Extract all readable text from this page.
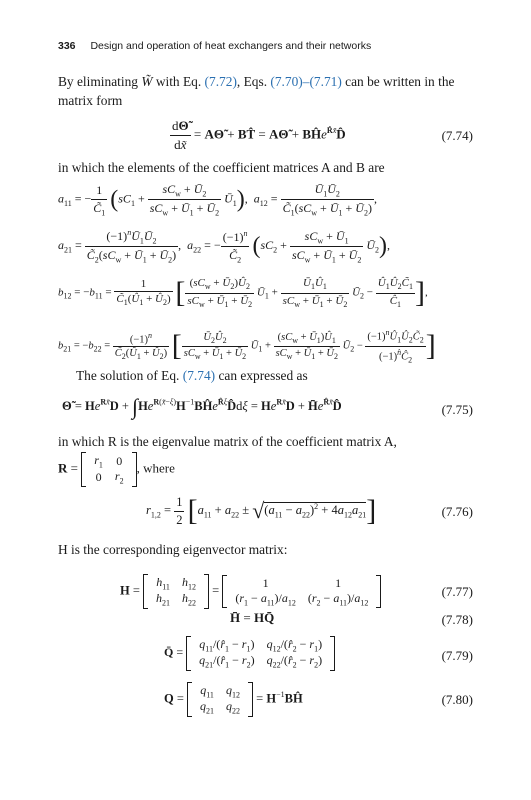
336 Design and operation of heat exchangers and their networks
By eliminating W̃ with Eq. (7.72), Eqs. (7.70)–(7.71) can be written in the matrix form
$\frac{d\Thetã}{dx̃}$ = AΘ̃ + BT̂ = AΘ̃ + BĤe$^{R̂x̃}$D̂	(7.74)
in which the elements of the coefficient matrices A and B are
$a_{11}$ = − $\frac{1}{C̃_1} (sC_1 + \frac{sC_w + Ū_2}{sC_w + Ū_1 + Ū_2}$ $Ū_1$),  $a_{12} = \frac{Ū_1Ū_2}{C̃_1(sC_w + Ū_1 + Ū_2)}$ ,
$a_{21} = \frac{(-1)^nŪ_1Ū_2}{C̃_2(sC_w + Ū_1 + Ū_2)}$ ,  $a_{22}$ = − $\frac{(-1)^n}{C̃_2} (sC_2 + \frac{sC_w + Ū_1}{sC_w + Ū_1 + Ū_2}$ $Ū_2$),
$b_{12} = -b_{11} = \frac{1}{C̃_1(Û_1 + Û_2)}$ [ $\frac{(sC_w + Ū_2)Û_2}{sC_w + Ū_1 + Ū_2}$ $Ū_1 + \frac{Ū_1Û_1}{sC_w + Ū_1 + Ū_2}$ $Ū_2 - \frac{Û_1Û_2C̃_1}{Ĉ_1}$ ],
$b_{21} = -b_{22} = \frac{(-1)^n}{C̃_2(Û_1 + Û_2)}$ [ $\frac{Ū_2Û_2}{sC_w + Ū_1 + Ū_2}$ $Ū_1 + \frac{(sC_w + Ū_1)Û_1}{sC_w + Ū_1 + Ū_2}$ $Ū_2 - \frac{(-1)^nÛ_1Û_2C̃_2}{(-1)^{n̂}Ĉ_2}$ ]
The solution of Eq. (7.74) can expressed as
Θ̃ = $He^{Rx̃}D$ + $\int He^{R(x̃-\xi)}H^{-1}BĤe^{R̂\xi}D̂d\xi = He^{Rx̃}D$ + $H̄e^{R̂x̃}D̂$	(7.75)
in which R is the eigenvalue matrix of the coefficient matrix A,
R =
$r_1$	0
0	$r_2$
, where
$r_{1,2} = \frac{1}{2} [a_{11} + a_{22} \pm √(a_{11} - a_{22})^2 + 4a_{12}a_{21}]$	(7.76)
H is the corresponding eigenvector matrix:
H =
$h_{11}$	$h_{12}$
$h_{21}$	$h_{22}$
=
1	1
$(r_1 - a_{11})/a_{12}$	$(r_2 - a_{11})/a_{12}$
(7.77)
H̄ = HQ̄	(7.78)
Q̄ =
$q_{11}/(r̂_1 - r_1)$	$q_{12}/(r̂_2 - r_1)$
$q_{21}/(r̂_1 - r_2)$	$q_{22}/(r̂_2 - r_2)$	(7.79)
Q =
$q_{11}$	$q_{12}$
$q_{21}$	$q_{22}$
= $H^{-1}BĤ$	(7.80)
